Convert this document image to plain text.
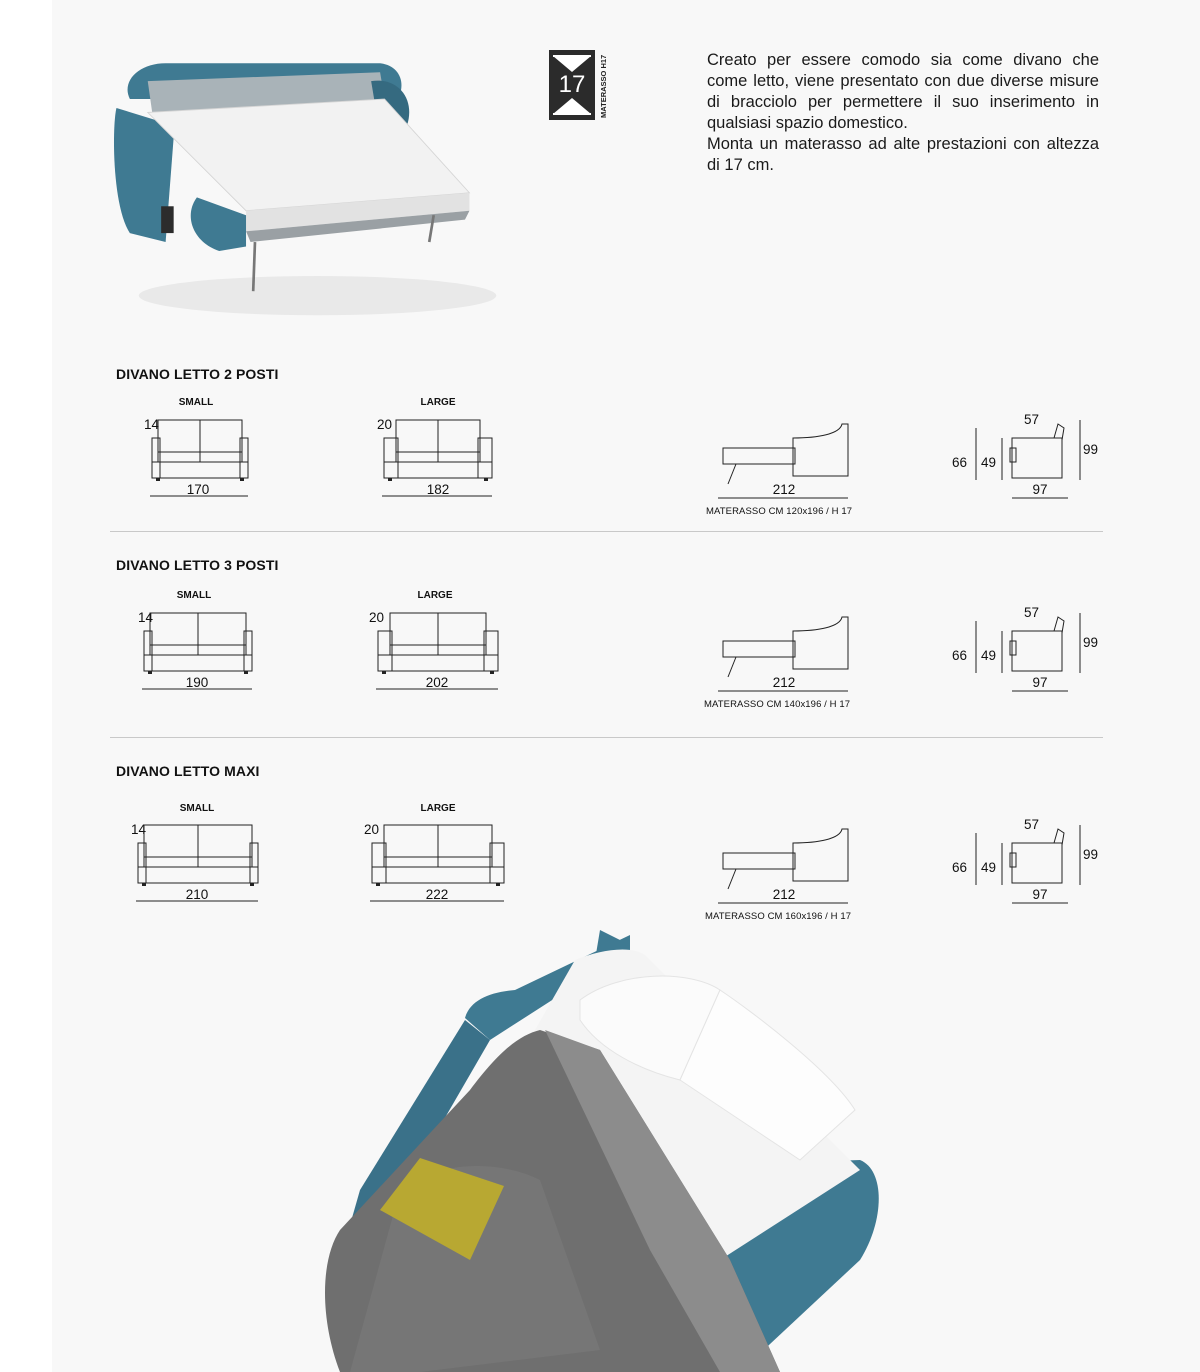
17 MATERASSO H17	Creato per essere comodo sia come divano che come letto, viene presentato con due diverse misure di bracciolo per permettere il suo inserimento in qualsiasi spazio domestico.

Monta un materasso ad alte prestazioni con altezza di 17 cm.

DIVANO LETTO 2 POSTI
SMALL
14
170
LARGE
20
182	212
MATERASSO CM 120x196 / H 17
57
99
66 49
97
DIVANO LETTO 3 POSTI
SMALL
14
190
LARGE
20
202	212
MATERASSO CM 140x196 / H 17
57
99
66 49
97
DIVANO LETTO MAXI
SMALL
14
210
LARGE
20
222	212
MATERASSO CM 160x196 / H 17
57
99
66 49
97
